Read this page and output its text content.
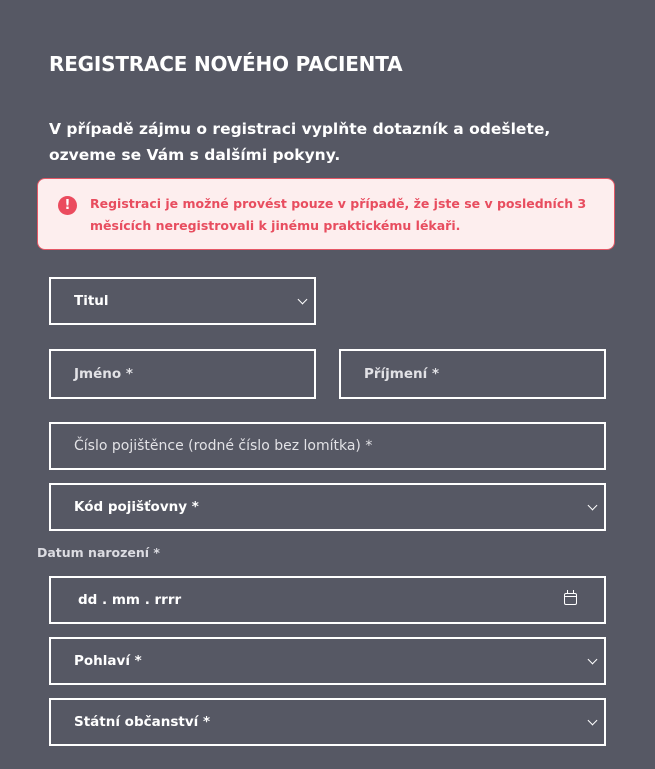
REGISTRACE NOVÉHO PACIENTA
V případě zájmu o registraci vyplňte dotazník a odešlete, ozveme se Vám s dalšími pokyny.
!	Registraci je možné provést pouze v případě, že jste se v posledních 3 měsících neregistrovali k jinému praktickému lékaři.
Titul
Jméno *	Příjmení *
Číslo pojištěnce (rodné číslo bez lomítka) *
Kód pojišťovny *
Datum narození *
dd . mm . rrrr
Pohlaví *
Státní občanství *
